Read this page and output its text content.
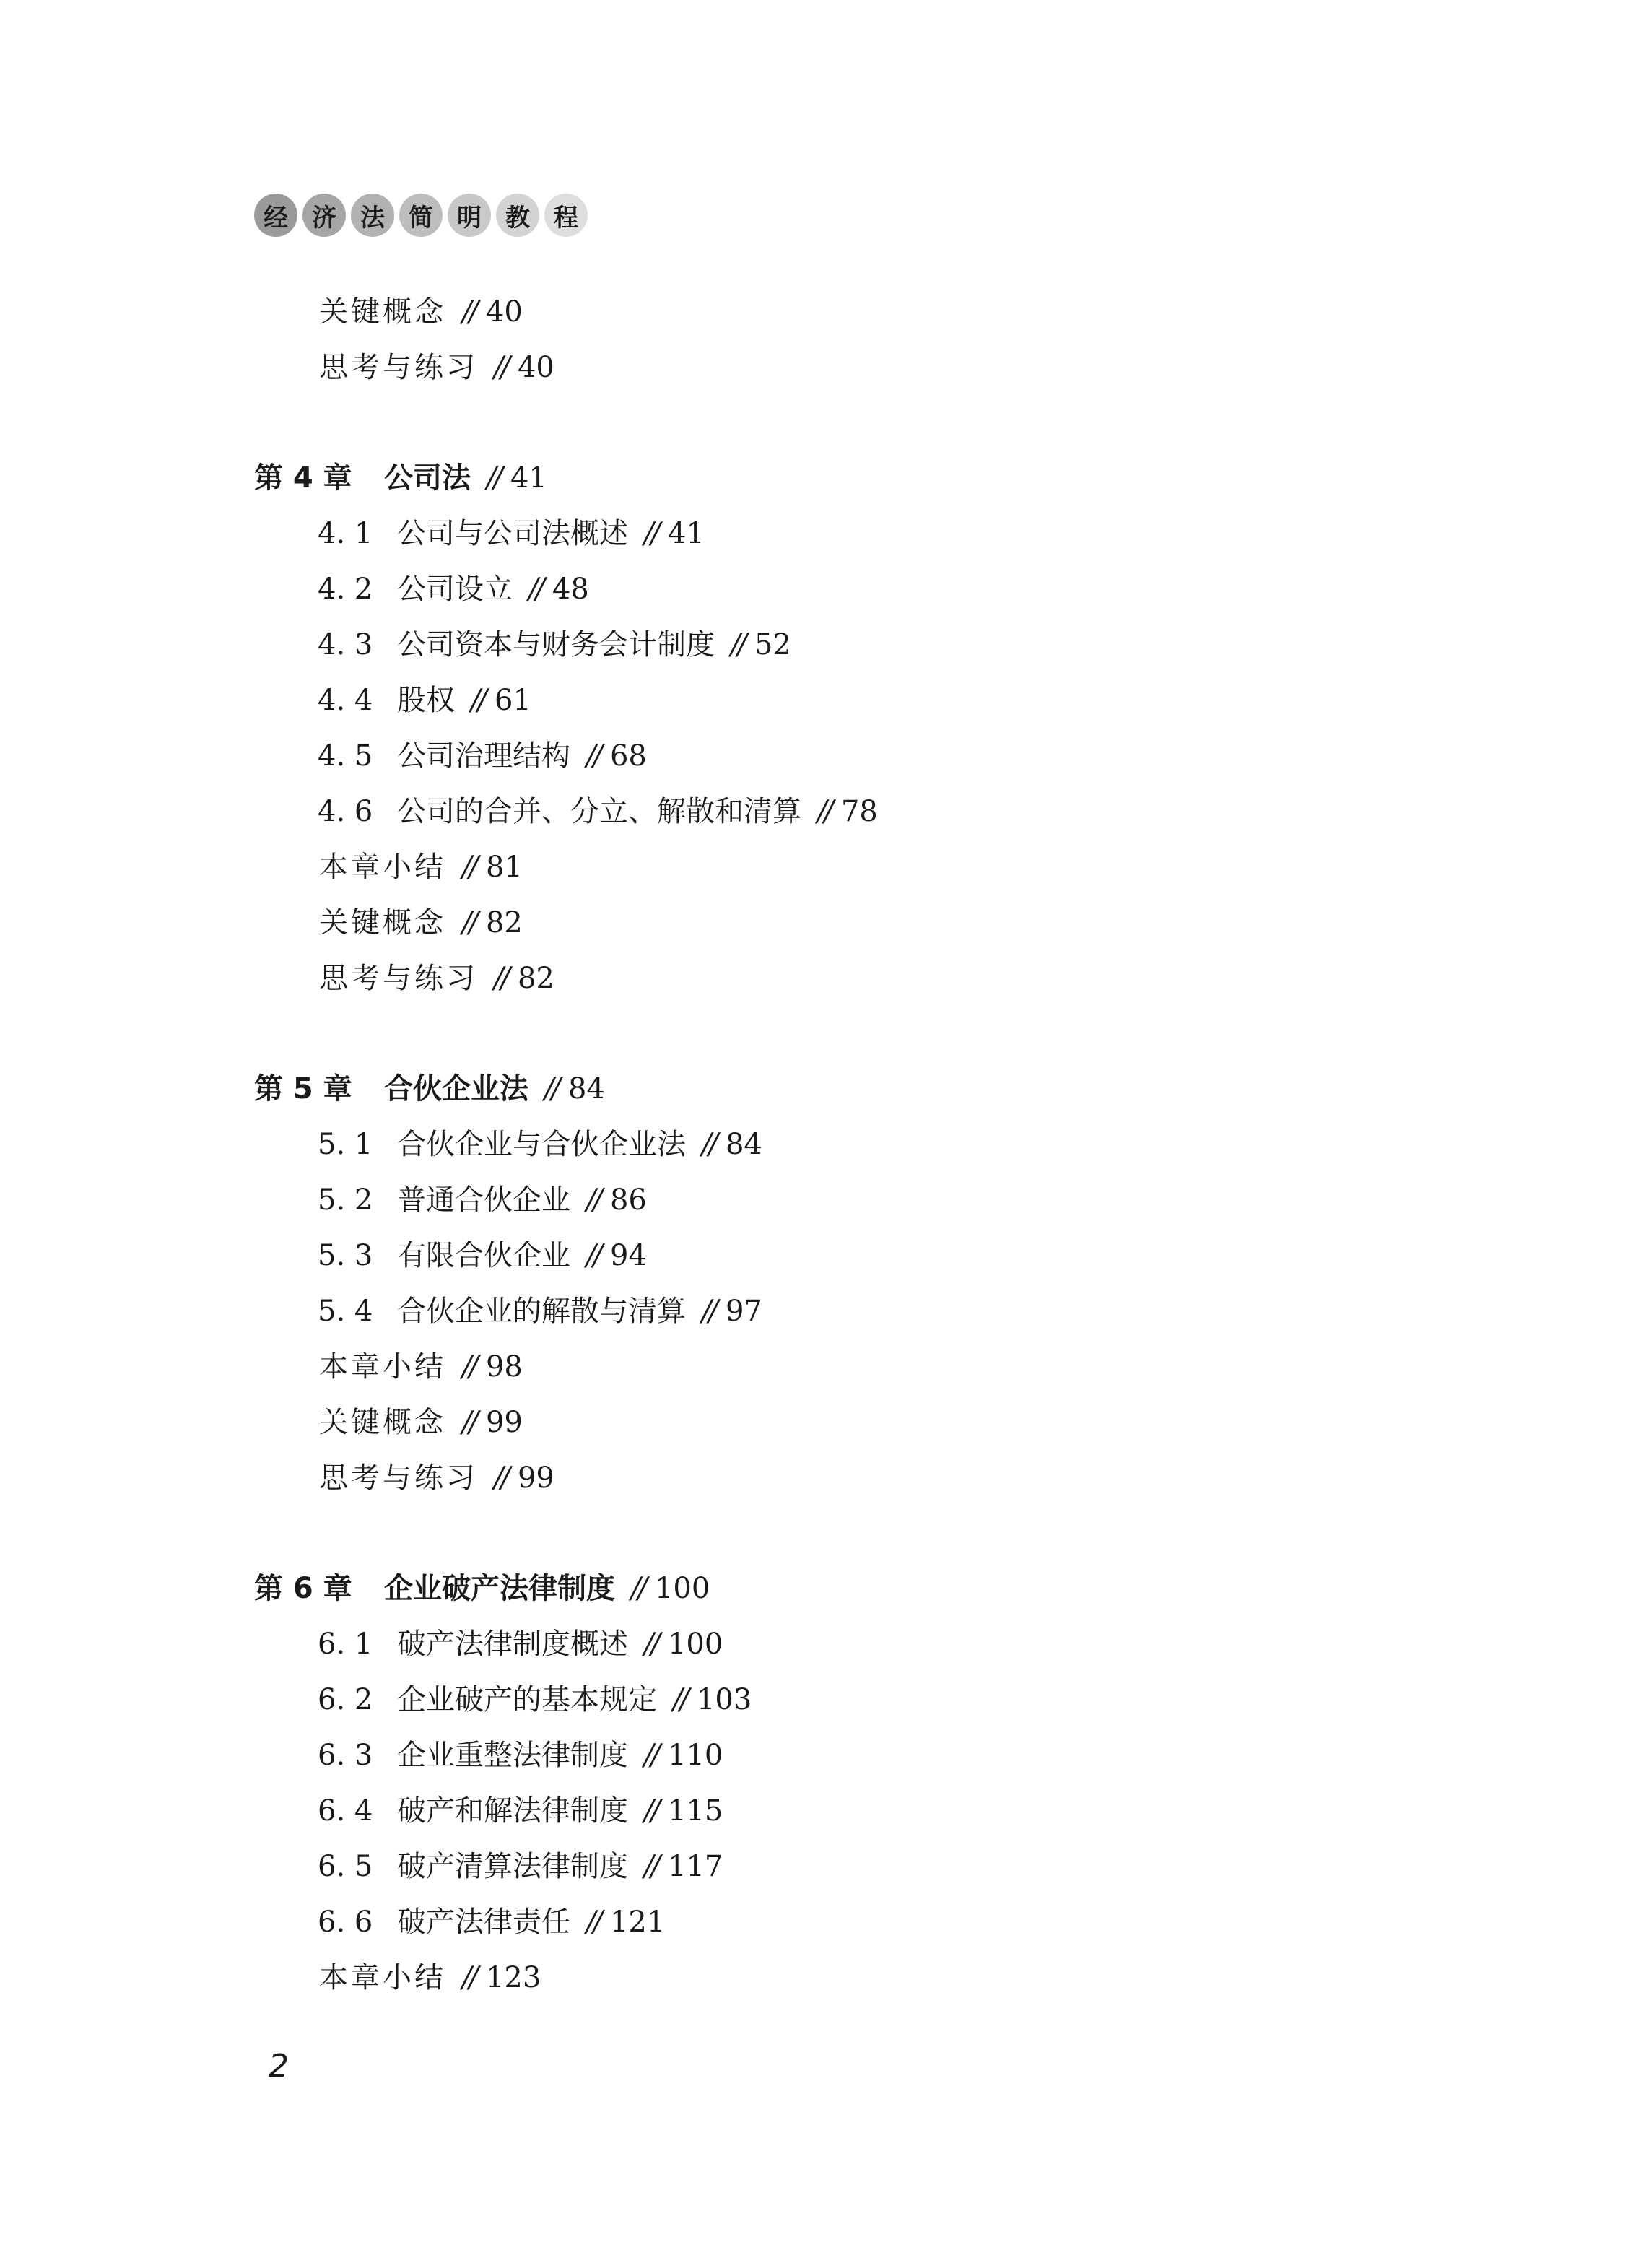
经 济 法 简 明 教 程
关键概念 // 40
思考与练习 // 40
第 4 章 公司法 // 41
4. 1 公司与公司法概述 // 41
4. 2 公司设立 // 48
4. 3 公司资本与财务会计制度 // 52
4. 4 股权 // 61
4. 5 公司治理结构 // 68
4. 6 公司的合并、分立、解散和清算 // 78
本章小结 // 81
关键概念 // 82
思考与练习 // 82
第 5 章 合伙企业法 // 84
5. 1 合伙企业与合伙企业法 // 84
5. 2 普通合伙企业 // 86
5. 3 有限合伙企业 // 94
5. 4 合伙企业的解散与清算 // 97
本章小结 // 98
关键概念 // 99
思考与练习 // 99
第 6 章 企业破产法律制度 // 100
6. 1 破产法律制度概述 // 100
6. 2 企业破产的基本规定 // 103
6. 3 企业重整法律制度 // 110
6. 4 破产和解法律制度 // 115
6. 5 破产清算法律制度 // 117
6. 6 破产法律责任 // 121
本章小结 // 123
2
